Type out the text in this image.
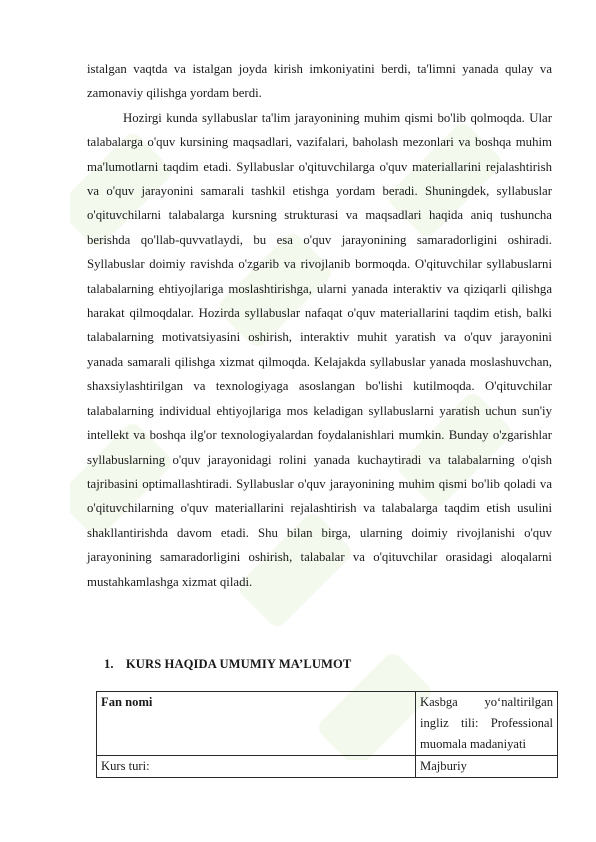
istalgan vaqtda va istalgan joyda kirish imkoniyatini berdi, ta'limni yanada qulay va zamonaviy qilishga yordam berdi.

Hozirgi kunda syllabuslar ta'lim jarayonining muhim qismi bo'lib qolmoqda. Ular talabalarga o'quv kursining maqsadlari, vazifalari, baholash mezonlari va boshqa muhim ma'lumotlarni taqdim etadi. Syllabuslar o'qituvchilarga o'quv materiallarini rejalashtirish va o'quv jarayonini samarali tashkil etishga yordam beradi. Shuningdek, syllabuslar o'qituvchilarni talabalarga kursning strukturasi va maqsadlari haqida aniq tushuncha berishda qo'llab-quvvatlaydi, bu esa o'quv jarayonining samaradorligini oshiradi. Syllabuslar doimiy ravishda o'zgarib va rivojlanib bormoqda. O'qituvchilar syllabuslarni talabalarning ehtiyojlariga moslashtirishga, ularni yanada interaktiv va qiziqarli qilishga harakat qilmoqdalar. Hozirda syllabuslar nafaqat o'quv materiallarini taqdim etish, balki talabalarning motivatsiyasini oshirish, interaktiv muhit yaratish va o'quv jarayonini yanada samarali qilishga xizmat qilmoqda. Kelajakda syllabuslar yanada moslashuvchan, shaxsiylashtirilgan va texnologiyaga asoslangan bo'lishi kutilmoqda. O'qituvchilar talabalarning individual ehtiyojlariga mos keladigan syllabuslarni yaratish uchun sun'iy intellekt va boshqa ilg'or texnologiyalardan foydalanishlari mumkin. Bunday o'zgarishlar syllabuslarning o'quv jarayonidagi rolini yanada kuchaytiradi va talabalarning o'qish tajribasini optimallashtiradi. Syllabuslar o'quv jarayonining muhim qismi bo'lib qoladi va o'qituvchilarning o'quv materiallarini rejalashtirish va talabalarga taqdim etish usulini shakllantirishda davom etadi. Shu bilan birga, ularning doimiy rivojlanishi o'quv jarayonining samaradorligini oshirish, talabalar va o'qituvchilar orasidagi aloqalarni mustahkamlashga xizmat qiladi.

1. KURS HAQIDA UMUMIY MA’LUMOT
Fan nomi	Kasbga yo‘naltirilgan ingliz tili: Professional muomala madaniyati
Kurs turi:	Majburiy
